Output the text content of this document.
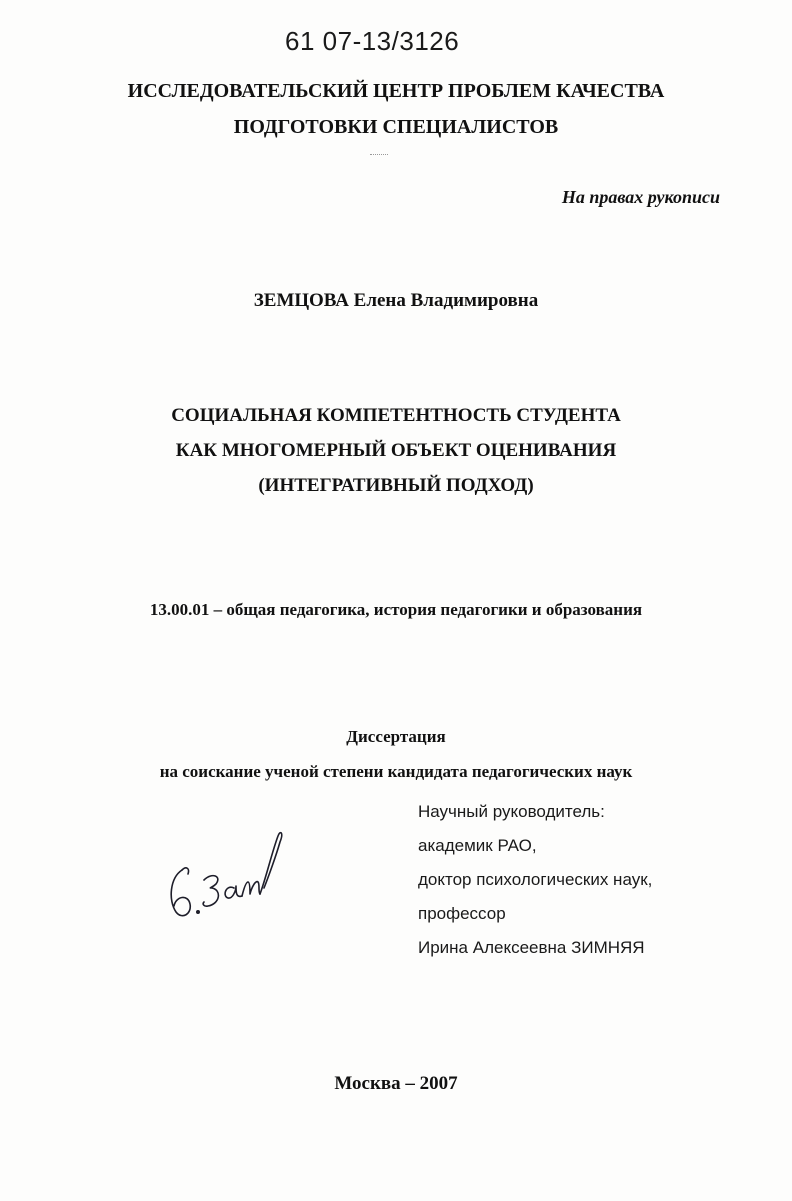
61 07-13/3126
ИССЛЕДОВАТЕЛЬСКИЙ ЦЕНТР ПРОБЛЕМ КАЧЕСТВА
ПОДГОТОВКИ СПЕЦИАЛИСТОВ
На правах рукописи
ЗЕМЦОВА Елена Владимировна
СОЦИАЛЬНАЯ КОМПЕТЕНТНОСТЬ СТУДЕНТА
КАК МНОГОМЕРНЫЙ ОБЪЕКТ ОЦЕНИВАНИЯ
(ИНТЕГРАТИВНЫЙ ПОДХОД)
13.00.01 – общая педагогика, история педагогики и образования
Диссертация
на соискание ученой степени кандидата педагогических наук
Научный руководитель:
академик РАО,
доктор психологических наук,
профессор
Ирина Алексеевна ЗИМНЯЯ
Москва – 2007
